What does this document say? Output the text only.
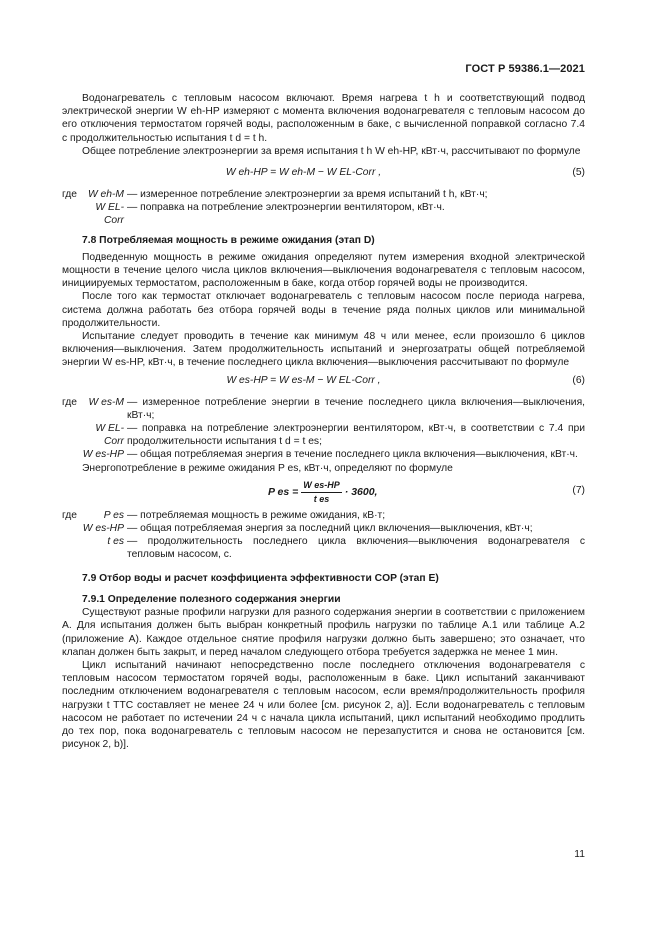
ГОСТ Р 59386.1—2021

Водонагреватель с тепловым насосом включают. Время нагрева t h и соответствующий подвод электрической энергии W eh-HP измеряют с момента включения водонагревателя с тепловым насосом до его отключения термостатом горячей воды, расположенным в баке, с вычисленной поправкой согласно 7.4 с продолжительностью испытания t d = t h.

Общее потребление электроэнергии за время испытания t h W eh-HP, кВт·ч, рассчитывают по формуле

W eh-HP = W eh-M − W EL-Corr ,	(5)
где	W eh-M — измеренное потребление электроэнергии за время испытаний t h, кВт·ч;
W EL-Corr
— поправка на потребление электроэнергии вентилятором, кВт·ч.
7.8 Потребляемая мощность в режиме ожидания (этап D)

Подведенную мощность в режиме ожидания определяют путем измерения входной электрической мощности в течение целого числа циклов включения—выключения водонагревателя с тепловым насосом, инициируемых термостатом, расположенным в баке, когда отбор горячей воды не производится.

После того как термостат отключает водонагреватель с тепловым насосом после периода нагрева, система должна работать без отбора горячей воды в течение ряда полных циклов или минимальной продолжительности.

Испытание следует проводить в течение как минимум 48 ч или менее, если произошло 6 циклов включения—выключения. Затем продолжительность испытаний и энергозатраты общей потребляемой энергии W es-HP, кВт·ч, в течение последнего цикла включения—выключения рассчитывают по формуле

W es-HP = W es-M − W EL-Corr ,	(6)
где	W es-M — измеренное потребление энергии в течение последнего цикла включения—выключения, кВт·ч;
W EL-Corr
— поправка на потребление электроэнергии вентилятором, кВт·ч, в соответствии с 7.4 при продолжительности испытания t d = t es;
W es-HP — общая потребляемая энергия в течение последнего цикла включения—выключения, кВт·ч.

Энергопотребление в режиме ожидания P es, кВт·ч, определяют по формуле

P es = $\frac{\text{W es-HP}}{\text{t es}} \cdot 3600$,	(7)
где	P es — потребляемая мощность в режиме ожидания, кВ·т;
W es-HP — общая потребляемая энергия за последний цикл включения—выключения, кВт·ч;
t es — продолжительность последнего цикла включения—выключения водонагревателя с тепловым насосом, с.
7.9 Отбор воды и расчет коэффициента эффективности COP (этап E)
7.9.1 Определение полезного содержания энергии

Существуют разные профили нагрузки для разного содержания энергии в соответствии с приложением А. Для испытания должен быть выбран конкретный профиль нагрузки по таблице А.1 или таблице А.2 (приложение А). Каждое отдельное снятие профиля нагрузки должно быть завершено; это означает, что клапан должен быть закрыт, и перед началом следующего отбора требуется задержка не менее 1 мин.

Цикл испытаний начинают непосредственно после последнего отключения водонагревателя с тепловым насосом термостатом горячей воды, расположенным в баке. Цикл испытаний заканчивают последним отключением водонагревателя с тепловым насосом, если время/продолжительность профиля нагрузки t TTC составляет не менее 24 ч или более [см. рисунок 2, a)]. Если водонагреватель с тепловым насосом не работает по истечении 24 ч с начала цикла испытаний, цикл испытаний необходимо продлить до тех пор, пока водонагреватель с тепловым насосом не перезапустится и снова не остановится [см. рисунок 2, b)].

11
